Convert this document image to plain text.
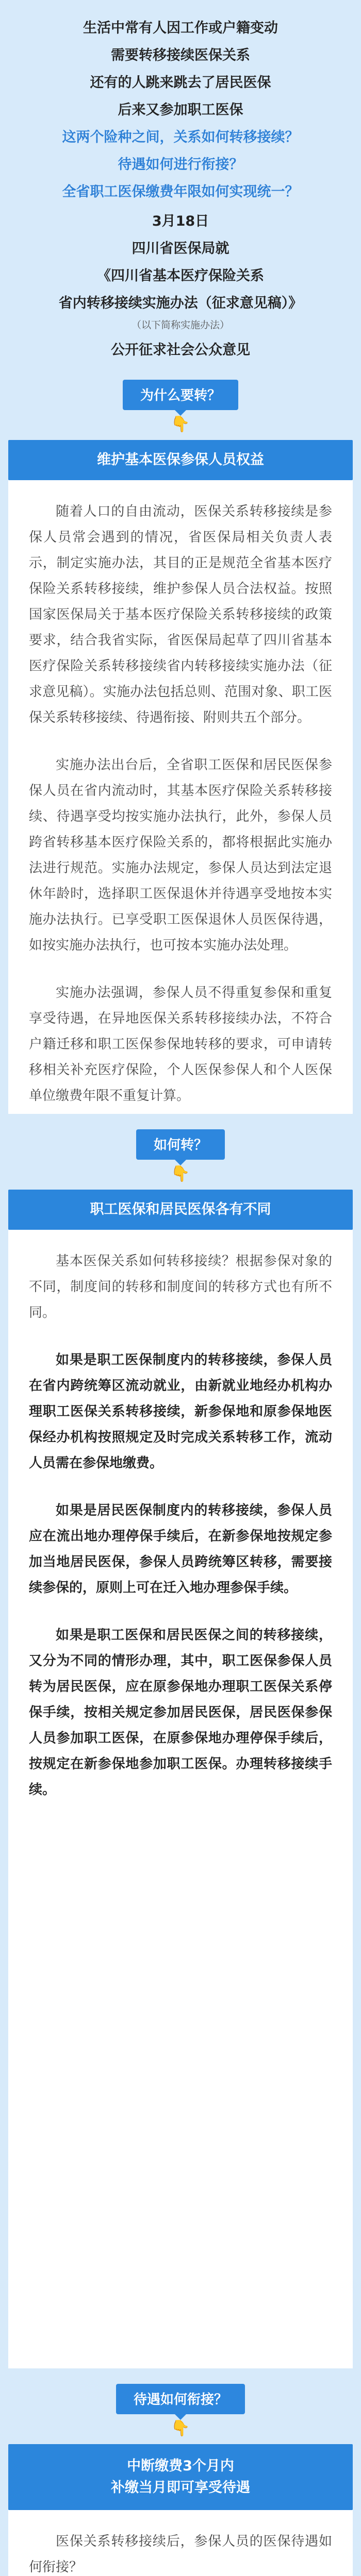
生活中常有人因工作或户籍变动
需要转移接续医保关系
还有的人跳来跳去了居民医保
后来又参加职工医保
这两个险种之间，关系如何转移接续？
待遇如何进行衔接？
全省职工医保缴费年限如何实现统一？
3月18日
四川省医保局就
《四川省基本医疗保险关系
省内转移接续实施办法（征求意见稿）》
（以下简称实施办法）
公开征求社会公众意见
为什么要转？
👇
维护基本医保参保人员权益

随着人口的自由流动，医保关系转移接续是参保人员常会遇到的情况，省医保局相关负责人表示，制定实施办法，其目的正是规范全省基本医疗保险关系转移接续，维护参保人员合法权益。按照国家医保局关于基本医疗保险关系转移接续的政策要求，结合我省实际，省医保局起草了四川省基本医疗保险关系转移接续省内转移接续实施办法（征求意见稿）。实施办法包括总则、范围对象、职工医保关系转移接续、待遇衔接、附则共五个部分。

实施办法出台后，全省职工医保和居民医保参保人员在省内流动时，其基本医疗保险关系转移接续、待遇享受均按实施办法执行，此外，参保人员跨省转移基本医疗保险关系的，都将根据此实施办法进行规范。实施办法规定，参保人员达到法定退休年龄时，选择职工医保退休并待遇享受地按本实施办法执行。已享受职工医保退休人员医保待遇，如按实施办法执行，也可按本实施办法处理。

实施办法强调，参保人员不得重复参保和重复享受待遇，在异地医保关系转移接续办法，不符合户籍迁移和职工医保参保地转移的要求，可申请转移相关补充医疗保险，个人医保参保人和个人医保单位缴费年限不重复计算。

如何转？
👇
职工医保和居民医保各有不同

基本医保关系如何转移接续？根据参保对象的不同，制度间的转移和制度间的转移方式也有所不同。

如果是职工医保制度内的转移接续，参保人员在省内跨统筹区流动就业，由新就业地经办机构办理职工医保关系转移接续，新参保地和原参保地医保经办机构按照规定及时完成关系转移工作，流动人员需在参保地缴费。

如果是居民医保制度内的转移接续，参保人员应在流出地办理停保手续后，在新参保地按规定参加当地居民医保，参保人员跨统筹区转移，需要接续参保的，原则上可在迁入地办理参保手续。

如果是职工医保和居民医保之间的转移接续，又分为不同的情形办理，其中，职工医保参保人员转为居民医保，应在原参保地办理职工医保关系停保手续，按相关规定参加居民医保，居民医保参保人员参加职工医保，在原参保地办理停保手续后，按规定在新参保地参加职工医保。办理转移接续手续。

待遇如何衔接？
👇
中断缴费3个月内
补缴当月即可享受待遇

医保关系转移接续后，参保人员的医保待遇如何衔接？
